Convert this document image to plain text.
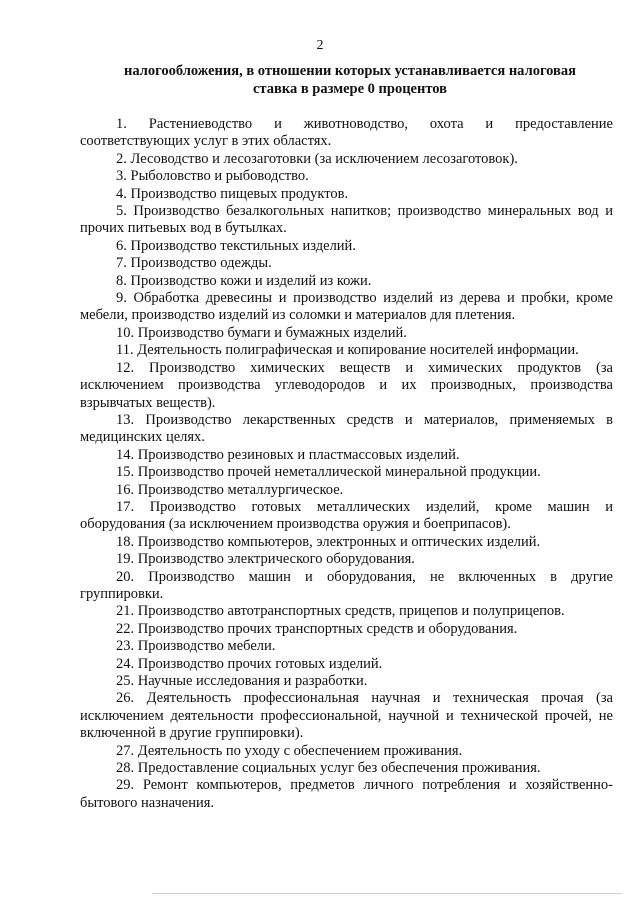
2
налогообложения, в отношении которых устанавливается налоговая
ставка в размере 0 процентов
1. Растениеводство и животноводство, охота и предоставление соответствующих услуг в этих областях.
2. Лесоводство и лесозаготовки (за исключением лесозаготовок).
3. Рыболовство и рыбоводство.
4. Производство пищевых продуктов.
5. Производство безалкогольных напитков; производство минеральных вод и прочих питьевых вод в бутылках.
6. Производство текстильных изделий.
7. Производство одежды.
8. Производство кожи и изделий из кожи.
9. Обработка древесины и производство изделий из дерева и пробки, кроме мебели, производство изделий из соломки и материалов для плетения.
10. Производство бумаги и бумажных изделий.
11. Деятельность полиграфическая и копирование носителей информации.
12. Производство химических веществ и химических продуктов (за исключением производства углеводородов и их производных, производства взрывчатых веществ).
13. Производство лекарственных средств и материалов, применяемых в медицинских целях.
14. Производство резиновых и пластмассовых изделий.
15. Производство прочей неметаллической минеральной продукции.
16. Производство металлургическое.
17. Производство готовых металлических изделий, кроме машин и оборудования (за исключением производства оружия и боеприпасов).
18. Производство компьютеров, электронных и оптических изделий.
19. Производство электрического оборудования.
20. Производство машин и оборудования, не включенных в другие группировки.
21. Производство автотранспортных средств, прицепов и полуприцепов.
22. Производство прочих транспортных средств и оборудования.
23. Производство мебели.
24. Производство прочих готовых изделий.
25. Научные исследования и разработки.
26. Деятельность профессиональная научная и техническая прочая (за исключением деятельности профессиональной, научной и технической прочей, не включенной в другие группировки).
27. Деятельность по уходу с обеспечением проживания.
28. Предоставление социальных услуг без обеспечения проживания.
29. Ремонт компьютеров, предметов личного потребления и хозяйственно-бытового назначения.
